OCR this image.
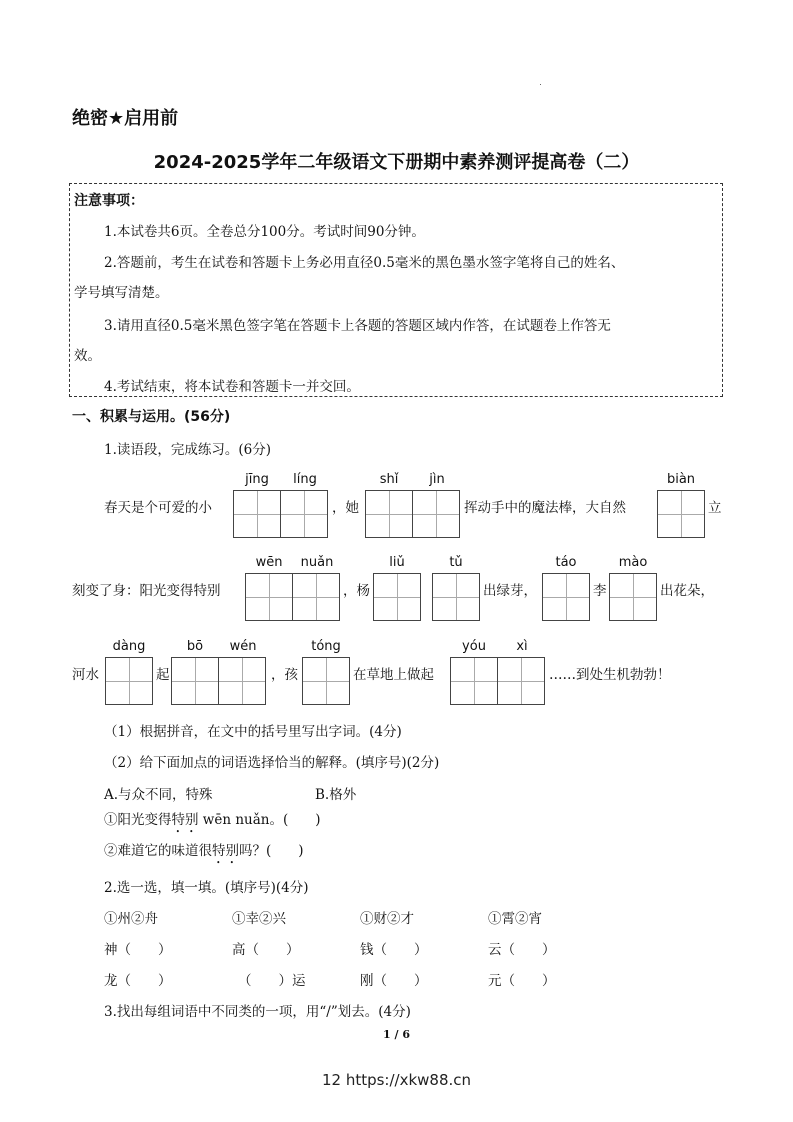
绝密★启用前
2024-2025学年二年级语文下册期中素养测评提高卷（二）
注意事项：
1.本试卷共6页。全卷总分100分。考试时间90分钟。
2.答题前，考生在试卷和答题卡上务必用直径0.5毫米的黑色墨水签字笔将自己的姓名、
学号填写清楚。
3.请用直径0.5毫米黑色签字笔在答题卡上各题的答题区域内作答，在试题卷上作答无
效。
4.考试结束，将本试卷和答题卡一并交回。
一、积累与运用。(56分)
1.读语段，完成练习。(6分)
jīng	líng	shǐ	jìn	biàn
春天是个可爱的小	，她	挥动手中的魔法棒，大自然	立
wēn	nuǎn	liǔ	tǔ	táo	mào
刻变了身：阳光变得特别	，杨	出绿芽，	李	出花朵，
dàng	bō	wén	tóng	yóu	xì
河水	起	，孩	在草地上做起	……到处生机勃勃！
（1）根据拼音，在文中的括号里写出字词。(4分)
（2）给下面加点的词语选择恰当的解释。(填序号)(2分)
A.与众不同，特殊	B.格外
①阳光变得特别 wēn nuǎn。(　　)
②难道它的味道很特别吗？(　　)
2.选一选，填一填。(填序号)(4分)
①州②舟	①幸②兴	①财②才	①霄②宵
神（　　）	高（　　）	钱（　　）	云（　　）
龙（　　）	（　　）运	刚（　　）	元（　　）
3.找出每组词语中不同类的一项，用“/”划去。(4分)
1 / 6
12 https://xkw88.cn
